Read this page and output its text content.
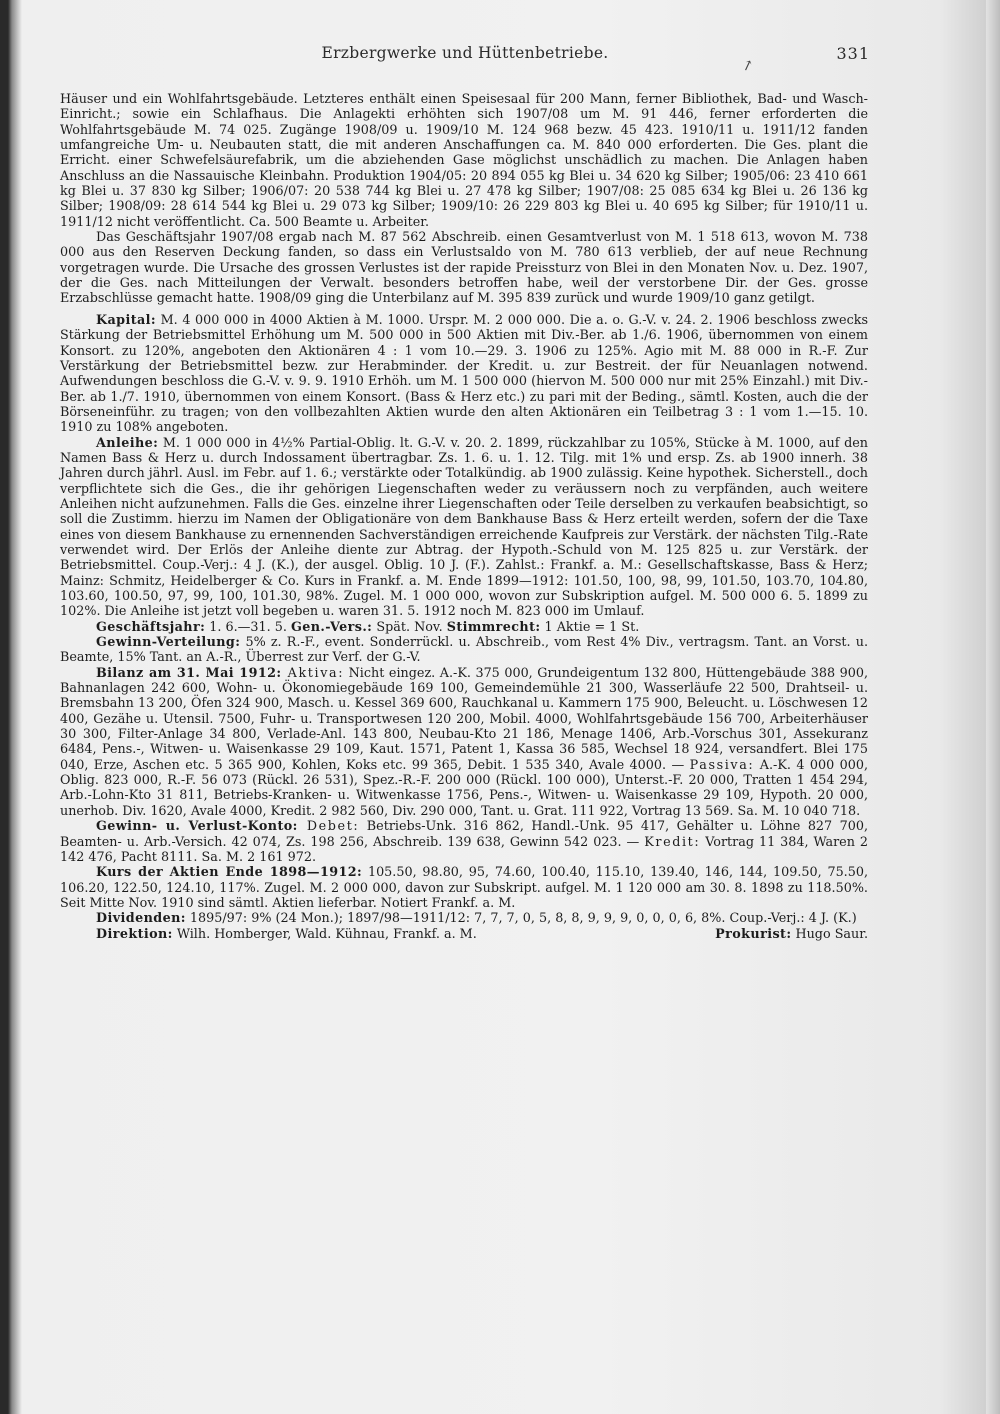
Erzbergwerke und Hüttenbetriebe.
↗
331

Häuser und ein Wohlfahrtsgebäude. Letzteres enthält einen Speisesaal für 200 Mann, ferner Bibliothek, Bad- und Wasch-Einricht.; sowie ein Schlafhaus. Die Anlagekti erhöhten sich 1907/08 um M. 91 446, ferner erforderten die Wohlfahrtsgebäude M. 74 025. Zugänge 1908/09 u. 1909/10 M. 124 968 bezw. 45 423. 1910/11 u. 1911/12 fanden umfangreiche Um- u. Neubauten statt, die mit anderen Anschaffungen ca. M. 840 000 erforderten. Die Ges. plant die Erricht. einer Schwefelsäurefabrik, um die abziehenden Gase möglichst unschädlich zu machen. Die Anlagen haben Anschluss an die Nassauische Kleinbahn. Produktion 1904/05: 20 894 055 kg Blei u. 34 620 kg Silber; 1905/06: 23 410 661 kg Blei u. 37 830 kg Silber; 1906/07: 20 538 744 kg Blei u. 27 478 kg Silber; 1907/08: 25 085 634 kg Blei u. 26 136 kg Silber; 1908/09: 28 614 544 kg Blei u. 29 073 kg Silber; 1909/10: 26 229 803 kg Blei u. 40 695 kg Silber; für 1910/11 u. 1911/12 nicht veröffentlicht. Ca. 500 Beamte u. Arbeiter.

Das Geschäftsjahr 1907/08 ergab nach M. 87 562 Abschreib. einen Gesamtverlust von M. 1 518 613, wovon M. 738 000 aus den Reserven Deckung fanden, so dass ein Verlustsaldo von M. 780 613 verblieb, der auf neue Rechnung vorgetragen wurde. Die Ursache des grossen Verlustes ist der rapide Preissturz von Blei in den Monaten Nov. u. Dez. 1907, der die Ges. nach Mitteilungen der Verwalt. besonders betroffen habe, weil der verstorbene Dir. der Ges. grosse Erzabschlüsse gemacht hatte. 1908/09 ging die Unterbilanz auf M. 395 839 zurück und wurde 1909/10 ganz getilgt.

Kapital: M. 4 000 000 in 4000 Aktien à M. 1000. Urspr. M. 2 000 000. Die a. o. G.-V. v. 24. 2. 1906 beschloss zwecks Stärkung der Betriebsmittel Erhöhung um M. 500 000 in 500 Aktien mit Div.-Ber. ab 1./6. 1906, übernommen von einem Konsort. zu 120%, angeboten den Aktionären 4 : 1 vom 10.—29. 3. 1906 zu 125%. Agio mit M. 88 000 in R.-F. Zur Verstärkung der Betriebsmittel bezw. zur Herabminder. der Kredit. u. zur Bestreit. der für Neuanlagen notwend. Aufwendungen beschloss die G.-V. v. 9. 9. 1910 Erhöh. um M. 1 500 000 (hiervon M. 500 000 nur mit 25% Einzahl.) mit Div.-Ber. ab 1./7. 1910, übernommen von einem Konsort. (Bass & Herz etc.) zu pari mit der Beding., sämtl. Kosten, auch die der Börseneinführ. zu tragen; von den vollbezahlten Aktien wurde den alten Aktionären ein Teilbetrag 3 : 1 vom 1.—15. 10. 1910 zu 108% angeboten.

Anleihe: M. 1 000 000 in 4½% Partial-Oblig. lt. G.-V. v. 20. 2. 1899, rückzahlbar zu 105%, Stücke à M. 1000, auf den Namen Bass & Herz u. durch Indossament übertragbar. Zs. 1. 6. u. 1. 12. Tilg. mit 1% und ersp. Zs. ab 1900 innerh. 38 Jahren durch jährl. Ausl. im Febr. auf 1. 6.; verstärkte oder Totalkündig. ab 1900 zulässig. Keine hypothek. Sicherstell., doch verpflichtete sich die Ges., die ihr gehörigen Liegenschaften weder zu veräussern noch zu verpfänden, auch weitere Anleihen nicht aufzunehmen. Falls die Ges. einzelne ihrer Liegenschaften oder Teile derselben zu verkaufen beabsichtigt, so soll die Zustimm. hierzu im Namen der Obligationäre von dem Bankhause Bass & Herz erteilt werden, sofern der die Taxe eines von diesem Bankhause zu ernennenden Sachverständigen erreichende Kaufpreis zur Verstärk. der nächsten Tilg.-Rate verwendet wird. Der Erlös der Anleihe diente zur Abtrag. der Hypoth.-Schuld von M. 125 825 u. zur Verstärk. der Betriebsmittel. Coup.-Verj.: 4 J. (K.), der ausgel. Oblig. 10 J. (F.). Zahlst.: Frankf. a. M.: Gesellschaftskasse, Bass & Herz; Mainz: Schmitz, Heidelberger & Co. Kurs in Frankf. a. M. Ende 1899—1912: 101.50, 100, 98, 99, 101.50, 103.70, 104.80, 103.60, 100.50, 97, 99, 100, 101.30, 98%. Zugel. M. 1 000 000, wovon zur Subskription aufgel. M. 500 000 6. 5. 1899 zu 102%. Die Anleihe ist jetzt voll begeben u. waren 31. 5. 1912 noch M. 823 000 im Umlauf.

Geschäftsjahr: 1. 6.—31. 5. Gen.-Vers.: Spät. Nov. Stimmrecht: 1 Aktie = 1 St.

Gewinn-Verteilung: 5% z. R.-F., event. Sonderrückl. u. Abschreib., vom Rest 4% Div., vertragsm. Tant. an Vorst. u. Beamte, 15% Tant. an A.-R., Überrest zur Verf. der G.-V.

Bilanz am 31. Mai 1912: Aktiva: Nicht eingez. A.-K. 375 000, Grundeigentum 132 800, Hüttengebäude 388 900, Bahnanlagen 242 600, Wohn- u. Ökonomiegebäude 169 100, Gemeindemühle 21 300, Wasserläufe 22 500, Drahtseil- u. Bremsbahn 13 200, Öfen 324 900, Masch. u. Kessel 369 600, Rauchkanal u. Kammern 175 900, Beleucht. u. Löschwesen 12 400, Gezähe u. Utensil. 7500, Fuhr- u. Transportwesen 120 200, Mobil. 4000, Wohlfahrtsgebäude 156 700, Arbeiterhäuser 30 300, Filter-Anlage 34 800, Verlade-Anl. 143 800, Neubau-Kto 21 186, Menage 1406, Arb.-Vorschus 301, Assekuranz 6484, Pens.-, Witwen- u. Waisenkasse 29 109, Kaut. 1571, Patent 1, Kassa 36 585, Wechsel 18 924, versandfert. Blei 175 040, Erze, Aschen etc. 5 365 900, Kohlen, Koks etc. 99 365, Debit. 1 535 340, Avale 4000. — Passiva: A.-K. 4 000 000, Oblig. 823 000, R.-F. 56 073 (Rückl. 26 531), Spez.-R.-F. 200 000 (Rückl. 100 000), Unterst.-F. 20 000, Tratten 1 454 294, Arb.-Lohn-Kto 31 811, Betriebs-Kranken- u. Witwenkasse 1756, Pens.-, Witwen- u. Waisenkasse 29 109, Hypoth. 20 000, unerhob. Div. 1620, Avale 4000, Kredit. 2 982 560, Div. 290 000, Tant. u. Grat. 111 922, Vortrag 13 569. Sa. M. 10 040 718.

Gewinn- u. Verlust-Konto: Debet: Betriebs-Unk. 316 862, Handl.-Unk. 95 417, Gehälter u. Löhne 827 700, Beamten- u. Arb.-Versich. 42 074, Zs. 198 256, Abschreib. 139 638, Gewinn 542 023. — Kredit: Vortrag 11 384, Waren 2 142 476, Pacht 8111. Sa. M. 2 161 972.

Kurs der Aktien Ende 1898—1912: 105.50, 98.80, 95, 74.60, 100.40, 115.10, 139.40, 146, 144, 109.50, 75.50, 106.20, 122.50, 124.10, 117%. Zugel. M. 2 000 000, davon zur Subskript. aufgel. M. 1 120 000 am 30. 8. 1898 zu 118.50%. Seit Mitte Nov. 1910 sind sämtl. Aktien lieferbar. Notiert Frankf. a. M.

Dividenden: 1895/97: 9% (24 Mon.); 1897/98—1911/12: 7, 7, 7, 0, 5, 8, 8, 9, 9, 9, 0, 0, 0, 6, 8%. Coup.-Verj.: 4 J. (K.)

Direktion: Wilh. Homberger, Wald. Kühnau, Frankf. a. M.	Prokurist: Hugo Saur.
